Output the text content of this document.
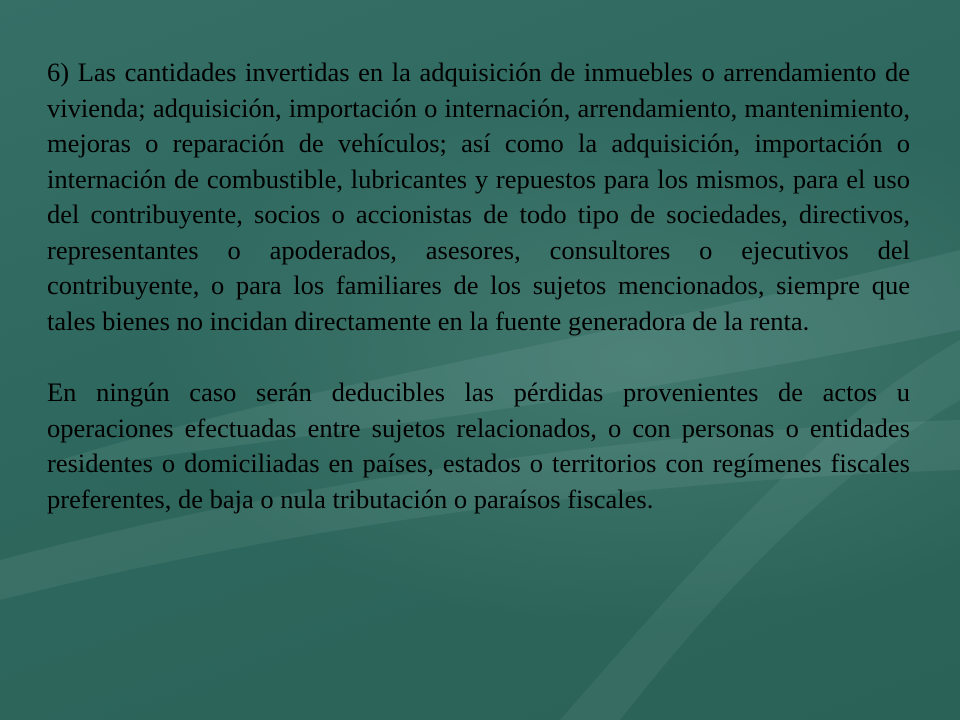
6) Las cantidades invertidas en la adquisición de inmuebles o arrendamiento de vivienda; adquisición, importación o internación, arrendamiento, mantenimiento, mejoras o reparación de vehículos; así como la adquisición, importación o internación de combustible, lubricantes y repuestos para los mismos, para el uso del contribuyente, socios o accionistas de todo tipo de sociedades, directivos, representantes o apoderados, asesores, consultores o ejecutivos del contribuyente, o para los familiares de los sujetos mencionados, siempre que tales bienes no incidan directamente en la fuente generadora de la renta.

En ningún caso serán deducibles las pérdidas provenientes de actos u operaciones efectuadas entre sujetos relacionados, o con personas o entidades residentes o domiciliadas en países, estados o territorios con regímenes fiscales preferentes, de baja o nula tributación o paraísos fiscales.
